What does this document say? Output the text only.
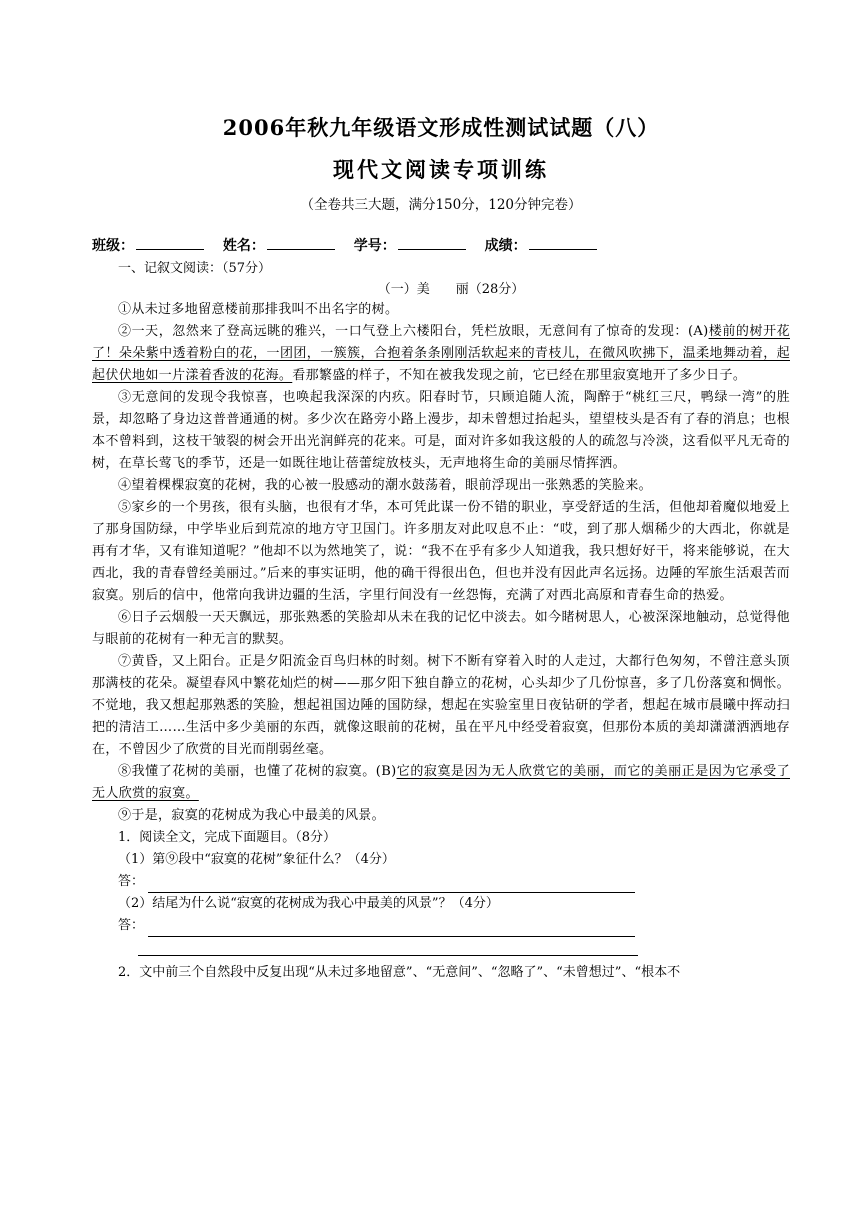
2006年秋九年级语文形成性测试试题（八）
现代文阅读专项训练
（全卷共三大题，满分150分，120分钟完卷）
班级：	姓名：	学号：	成绩：
一、记叙文阅读：（57分）
（一）美　　丽（28分）

①从未过多地留意楼前那排我叫不出名字的树。

②一天，忽然来了登高远眺的雅兴，一口气登上六楼阳台，凭栏放眼，无意间有了惊奇的发现：(A)楼前的树开花了！朵朵紫中透着粉白的花，一团团，一簇簇，合抱着条条刚刚活软起来的青枝儿，在微风吹拂下，温柔地舞动着，起起伏伏地如一片漾着香波的花海。看那繁盛的样子，不知在被我发现之前，它已经在那里寂寞地开了多少日子。

③无意间的发现令我惊喜，也唤起我深深的内疚。阳春时节，只顾追随人流，陶醉于“桃红三尺，鸭绿一湾”的胜景，却忽略了身边这普普通通的树。多少次在路旁小路上漫步，却未曾想过抬起头，望望枝头是否有了春的消息；也根本不曾料到，这枝干皱裂的树会开出光润鲜亮的花来。可是，面对许多如我这般的人的疏忽与冷淡，这看似平凡无奇的树，在草长莺飞的季节，还是一如既往地让蓓蕾绽放枝头，无声地将生命的美丽尽情挥洒。

④望着棵棵寂寞的花树，我的心被一股感动的潮水鼓荡着，眼前浮现出一张熟悉的笑脸来。

⑤家乡的一个男孩，很有头脑，也很有才华，本可凭此谋一份不错的职业，享受舒适的生活，但他却着魔似地爱上了那身国防绿，中学毕业后到荒凉的地方守卫国门。许多朋友对此叹息不止：“哎，到了那人烟稀少的大西北，你就是再有才华，又有谁知道呢？”他却不以为然地笑了，说：“我不在乎有多少人知道我，我只想好好干，将来能够说，在大西北，我的青春曾经美丽过。”后来的事实证明，他的确干得很出色，但也并没有因此声名远扬。边陲的军旅生活艰苦而寂寞。别后的信中，他常向我讲边疆的生活，字里行间没有一丝怨悔，充满了对西北高原和青春生命的热爱。

⑥日子云烟般一天天飘远，那张熟悉的笑脸却从未在我的记忆中淡去。如今睹树思人，心被深深地触动，总觉得他与眼前的花树有一种无言的默契。

⑦黄昏，又上阳台。正是夕阳流金百鸟归林的时刻。树下不断有穿着入时的人走过，大都行色匆匆，不曾注意头顶那满枝的花朵。凝望春风中繁花灿烂的树——那夕阳下独自静立的花树，心头却少了几份惊喜，多了几份落寞和惆怅。不觉地，我又想起那熟悉的笑脸，想起祖国边陲的国防绿，想起在实验室里日夜钻研的学者，想起在城市晨曦中挥动扫把的清洁工……生活中多少美丽的东西，就像这眼前的花树，虽在平凡中经受着寂寞，但那份本质的美却潇潇洒洒地存在，不曾因少了欣赏的目光而削弱丝毫。

⑧我懂了花树的美丽，也懂了花树的寂寞。(B)它的寂寞是因为无人欣赏它的美丽，而它的美丽正是因为它承受了无人欣赏的寂寞。

⑨于是，寂寞的花树成为我心中最美的风景。

1．阅读全文，完成下面题目。（8分）

（1）第⑨段中“寂寞的花树”象征什么？（4分）

答：

（2）结尾为什么说“寂寞的花树成为我心中最美的风景”？（4分）

答：

2．文中前三个自然段中反复出现“从未过多地留意”、“无意间”、“忽略了”、“未曾想过”、“根本不
